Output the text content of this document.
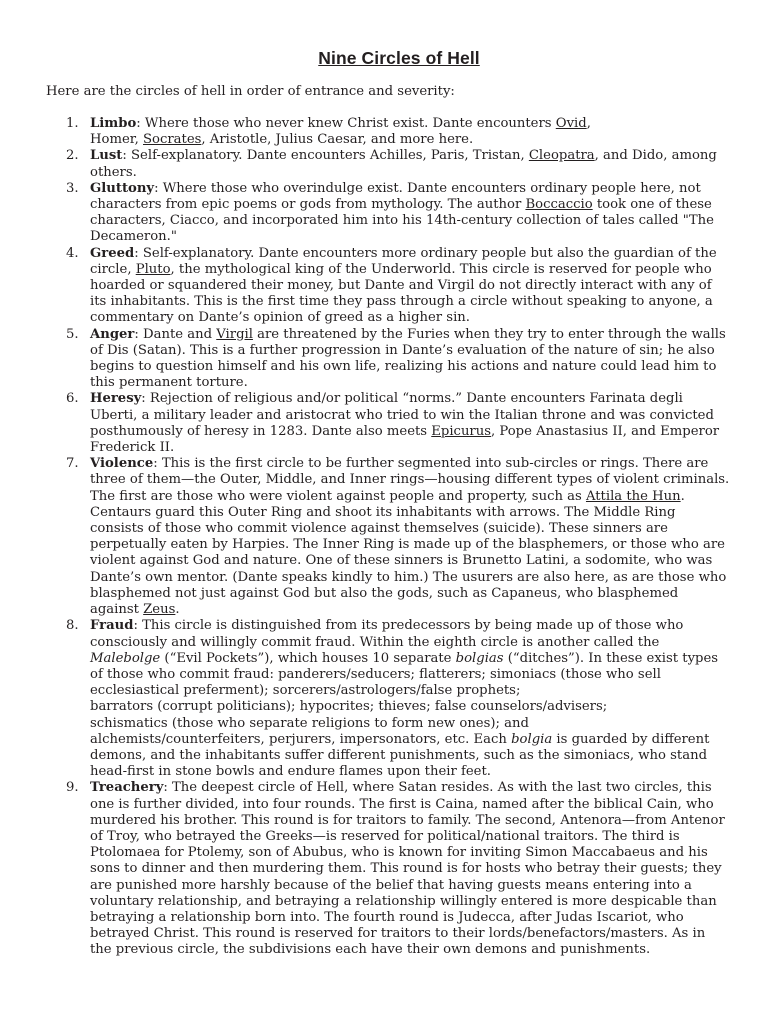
Nine Circles of Hell
Here are the circles of hell in order of entrance and severity:
1. Limbo: Where those who never knew Christ exist. Dante encounters Ovid,
Homer, Socrates, Aristotle, Julius Caesar, and more here.
2. Lust: Self-explanatory. Dante encounters Achilles, Paris, Tristan, Cleopatra, and Dido, among others.
3. Gluttony: Where those who overindulge exist. Dante encounters ordinary people here, not characters from epic poems or gods from mythology. The author Boccaccio took one of these characters, Ciacco, and incorporated him into his 14th-century collection of tales called "The Decameron."
4. Greed: Self-explanatory. Dante encounters more ordinary people but also the guardian of the circle, Pluto, the mythological king of the Underworld. This circle is reserved for people who hoarded or squandered their money, but Dante and Virgil do not directly interact with any of its inhabitants. This is the first time they pass through a circle without speaking to anyone, a commentary on Dante’s opinion of greed as a higher sin.
5. Anger: Dante and Virgil are threatened by the Furies when they try to enter through the walls of Dis (Satan). This is a further progression in Dante’s evaluation of the nature of sin; he also begins to question himself and his own life, realizing his actions and nature could lead him to this permanent torture.
6. Heresy: Rejection of religious and/or political “norms.” Dante encounters Farinata degli Uberti, a military leader and aristocrat who tried to win the Italian throne and was convicted posthumously of heresy in 1283. Dante also meets Epicurus, Pope Anastasius II, and Emperor Frederick II.
7. Violence: This is the first circle to be further segmented into sub-circles or rings. There are three of them—the Outer, Middle, and Inner rings—housing different types of violent criminals. The first are those who were violent against people and property, such as Attila the Hun. Centaurs guard this Outer Ring and shoot its inhabitants with arrows. The Middle Ring consists of those who commit violence against themselves (suicide). These sinners are perpetually eaten by Harpies. The Inner Ring is made up of the blasphemers, or those who are violent against God and nature. One of these sinners is Brunetto Latini, a sodomite, who was Dante’s own mentor. (Dante speaks kindly to him.) The usurers are also here, as are those who blasphemed not just against God but also the gods, such as Capaneus, who blasphemed against Zeus.
8. Fraud: This circle is distinguished from its predecessors by being made up of those who consciously and willingly commit fraud. Within the eighth circle is another called the Malebolge (“Evil Pockets”), which houses 10 separate bolgias (“ditches”). In these exist types of those who commit fraud: panderers/seducers; flatterers; simoniacs (those who sell ecclesiastical preferment); sorcerers/astrologers/false prophets;
barrators (corrupt politicians); hypocrites; thieves; false counselors/advisers;
schismatics (those who separate religions to form new ones); and
alchemists/counterfeiters, perjurers, impersonators, etc. Each bolgia is guarded by different demons, and the inhabitants suffer different punishments, such as the simoniacs, who stand head-first in stone bowls and endure flames upon their feet.
9. Treachery: The deepest circle of Hell, where Satan resides. As with the last two circles, this one is further divided, into four rounds. The first is Caina, named after the biblical Cain, who murdered his brother. This round is for traitors to family. The second, Antenora—from Antenor of Troy, who betrayed the Greeks—is reserved for political/national traitors. The third is Ptolomaea for Ptolemy, son of Abubus, who is known for inviting Simon Maccabaeus and his sons to dinner and then murdering them. This round is for hosts who betray their guests; they are punished more harshly because of the belief that having guests means entering into a voluntary relationship, and betraying a relationship willingly entered is more despicable than betraying a relationship born into. The fourth round is Judecca, after Judas Iscariot, who betrayed Christ. This round is reserved for traitors to their lords/benefactors/masters. As in the previous circle, the subdivisions each have their own demons and punishments.
